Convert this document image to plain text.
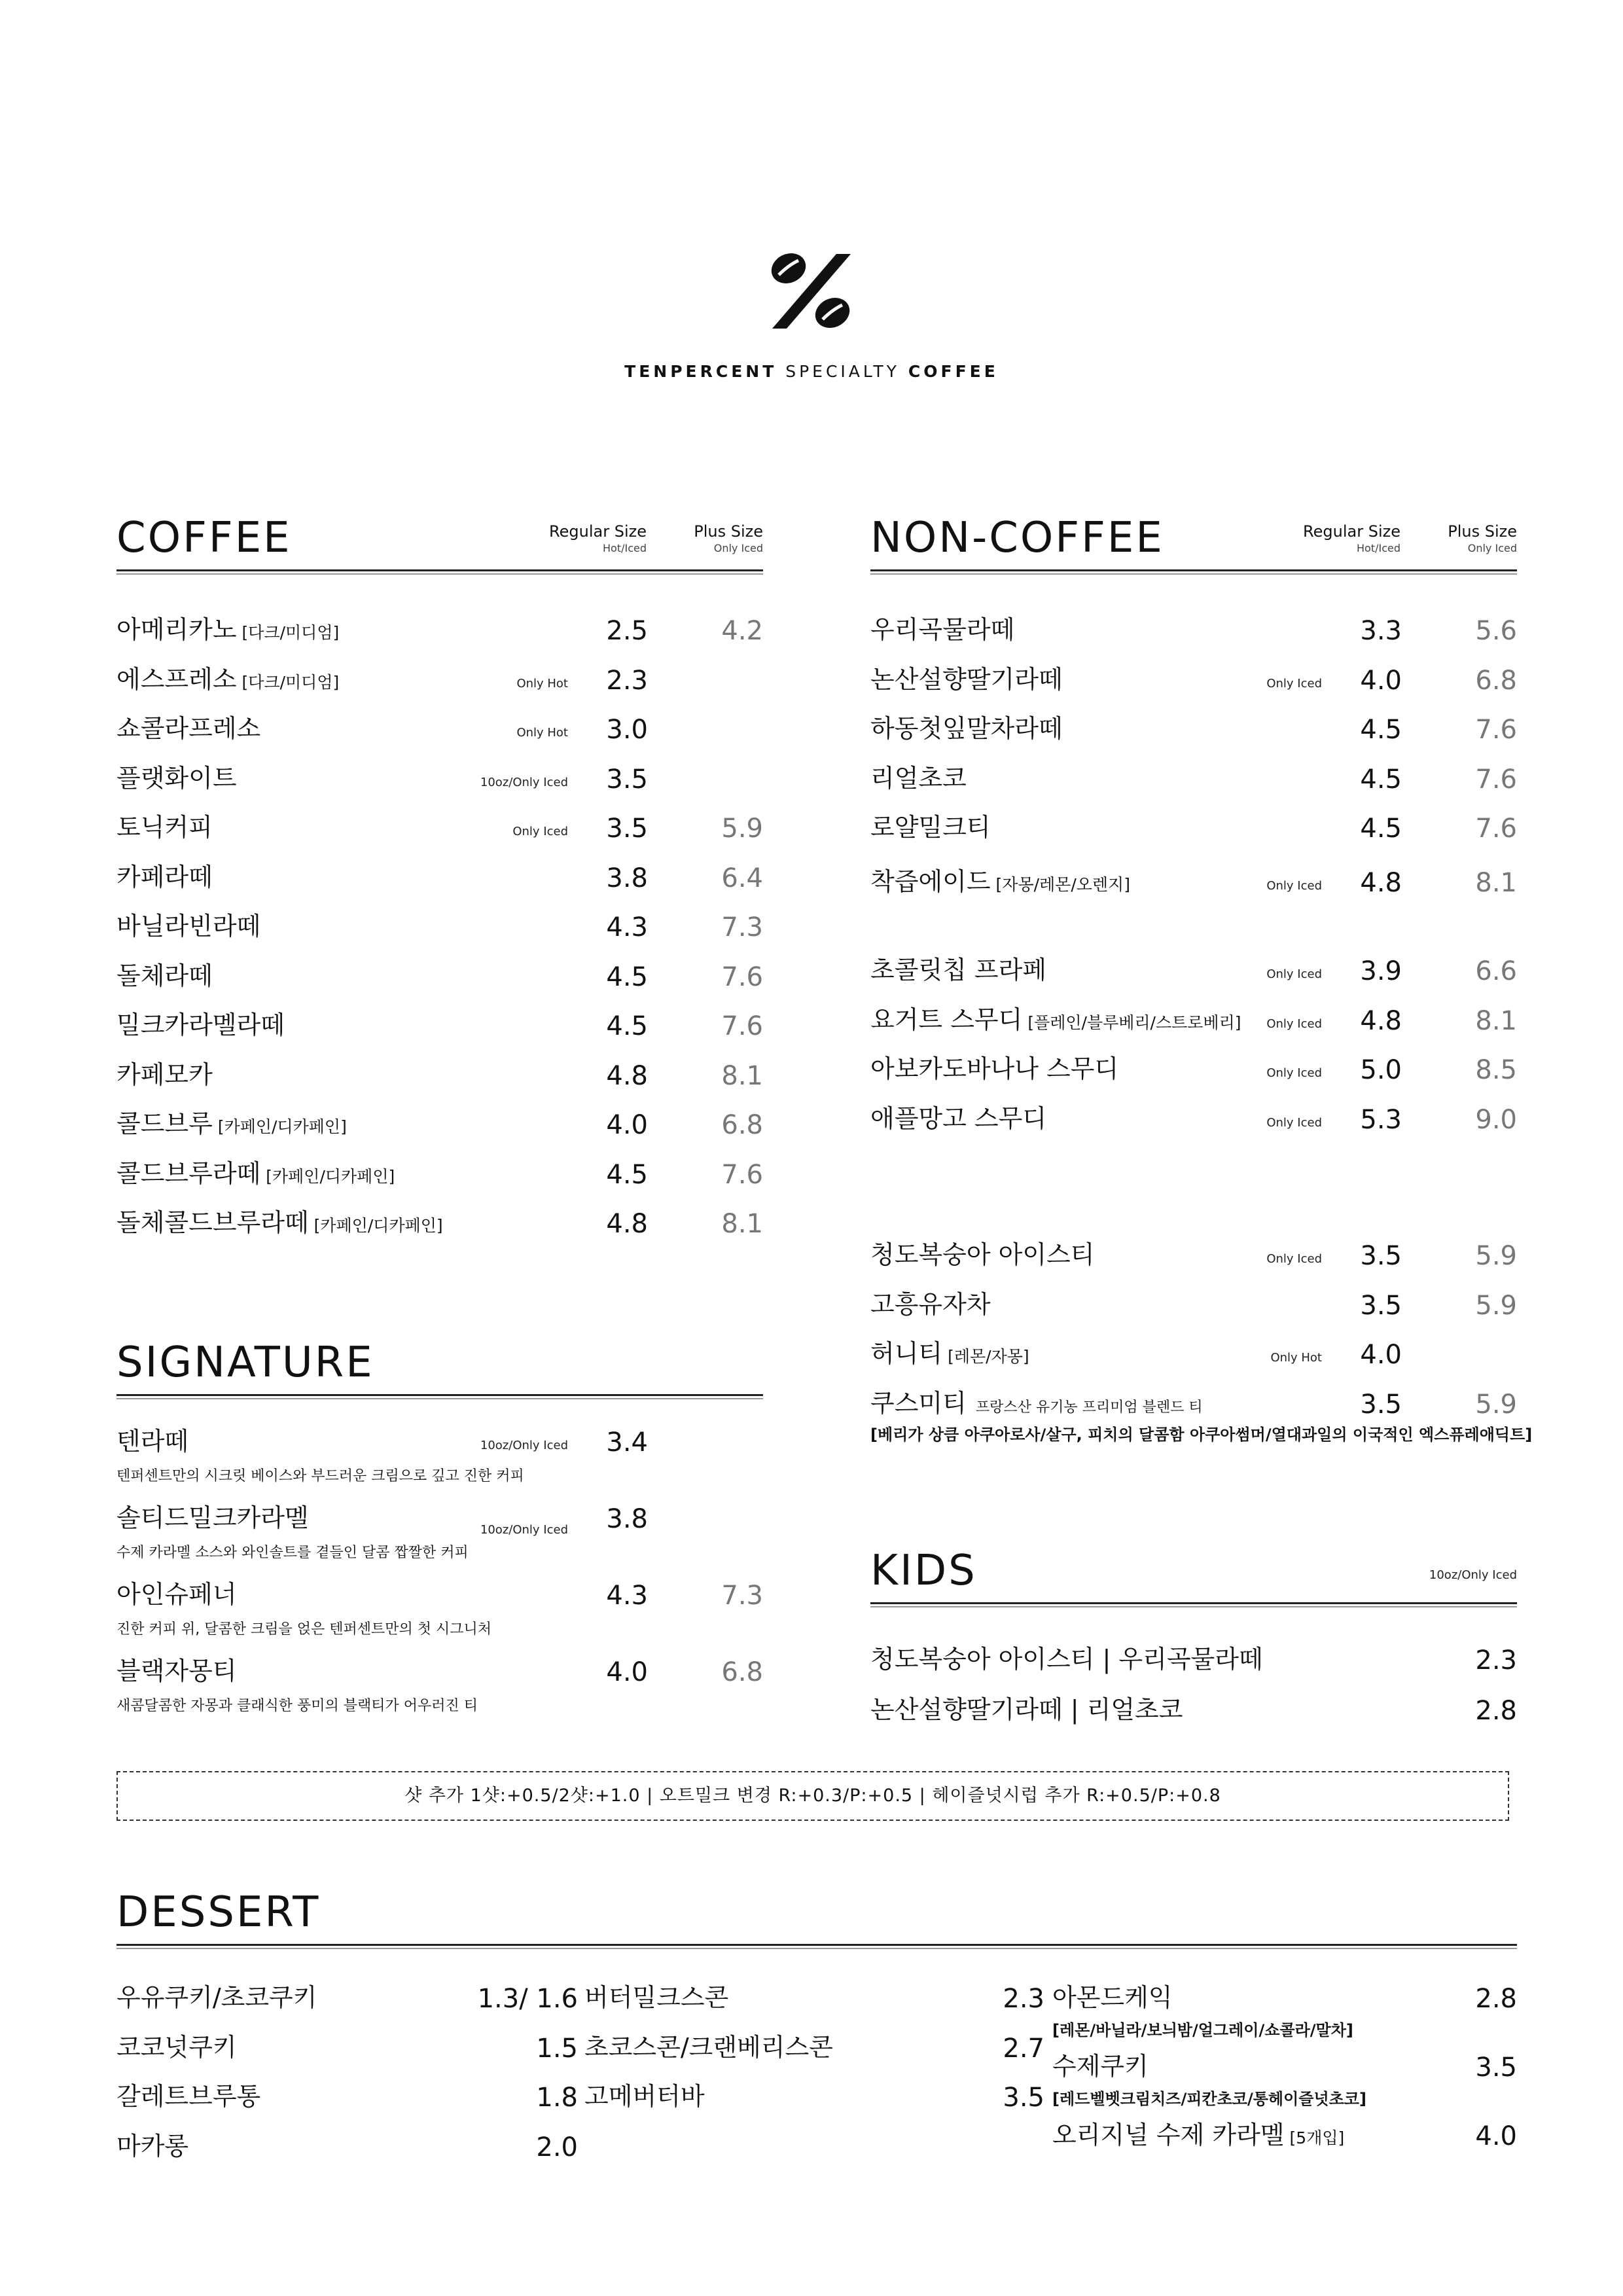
TENPERCENT SPECIALTY COFFEE
COFFEE	Regular Size
Hot/Iced
Plus Size
Only Iced
아메리카노 [다크/미디엄]	2.5	4.2
에스프레소 [다크/미디엄]	Only Hot	2.3
쇼콜라프레소	Only Hot	3.0
플랫화이트	10oz/Only Iced	3.5
토닉커피	Only Iced	3.5	5.9
카페라떼	3.8	6.4
바닐라빈라떼	4.3	7.3
돌체라떼	4.5	7.6
밀크카라멜라떼	4.5	7.6
카페모카	4.8	8.1
콜드브루 [카페인/디카페인]	4.0	6.8
콜드브루라떼 [카페인/디카페인]	4.5	7.6
돌체콜드브루라떼 [카페인/디카페인]	4.8	8.1
SIGNATURE
텐라떼	10oz/Only Iced	3.4
텐퍼센트만의 시크릿 베이스와 부드러운 크림으로 깊고 진한 커피
솔티드밀크카라멜	10oz/Only Iced	3.8
수제 카라멜 소스와 와인솔트를 곁들인 달콤 짭짤한 커피
아인슈페너	4.3	7.3
진한 커피 위, 달콤한 크림을 얹은 텐퍼센트만의 첫 시그니처
블랙자몽티	4.0	6.8
새콤달콤한 자몽과 클래식한 풍미의 블랙티가 어우러진 티
NON-COFFEE	Regular Size
Hot/Iced
Plus Size
Only Iced
우리곡물라떼	3.3	5.6
논산설향딸기라떼	Only Iced	4.0	6.8
하동첫잎말차라떼	4.5	7.6
리얼초코	4.5	7.6
로얄밀크티	4.5	7.6
착즙에이드 [자몽/레몬/오렌지]	Only Iced	4.8	8.1
초콜릿칩 프라페	Only Iced	3.9	6.6
요거트 스무디 [플레인/블루베리/스트로베리]	Only Iced	4.8	8.1
아보카도바나나 스무디	Only Iced	5.0	8.5
애플망고 스무디	Only Iced	5.3	9.0
청도복숭아 아이스티	Only Iced	3.5	5.9
고흥유자차	3.5	5.9
허니티 [레몬/자몽]	Only Hot	4.0
쿠스미티 프랑스산 유기농 프리미엄 블렌드 티	3.5	5.9
[베리가 상큼 아쿠아로사/살구, 피치의 달콤함 아쿠아썸머/열대과일의 이국적인 엑스퓨레애딕트]
KIDS	10oz/Only Iced
청도복숭아 아이스티 | 우리곡물라떼	2.3
논산설향딸기라떼 | 리얼초코	2.8
샷 추가 1샷:+0.5/2샷:+1.0 | 오트밀크 변경 R:+0.3/P:+0.5 | 헤이즐넛시럽 추가 R:+0.5/P:+0.8
DESSERT
우유쿠키/초코쿠키	1.3/ 1.6
코코넛쿠키	1.5
갈레트브루통	1.8
마카롱	2.0
버터밀크스콘	2.3
초코스콘/크랜베리스콘	2.7
고메버터바	3.5
아몬드케익	2.8
[레몬/바닐라/보늬밤/얼그레이/쇼콜라/말차]
수제쿠키	3.5
[레드벨벳크림치즈/피칸초코/통헤이즐넛초코]
오리지널 수제 카라멜 [5개입]	4.0
